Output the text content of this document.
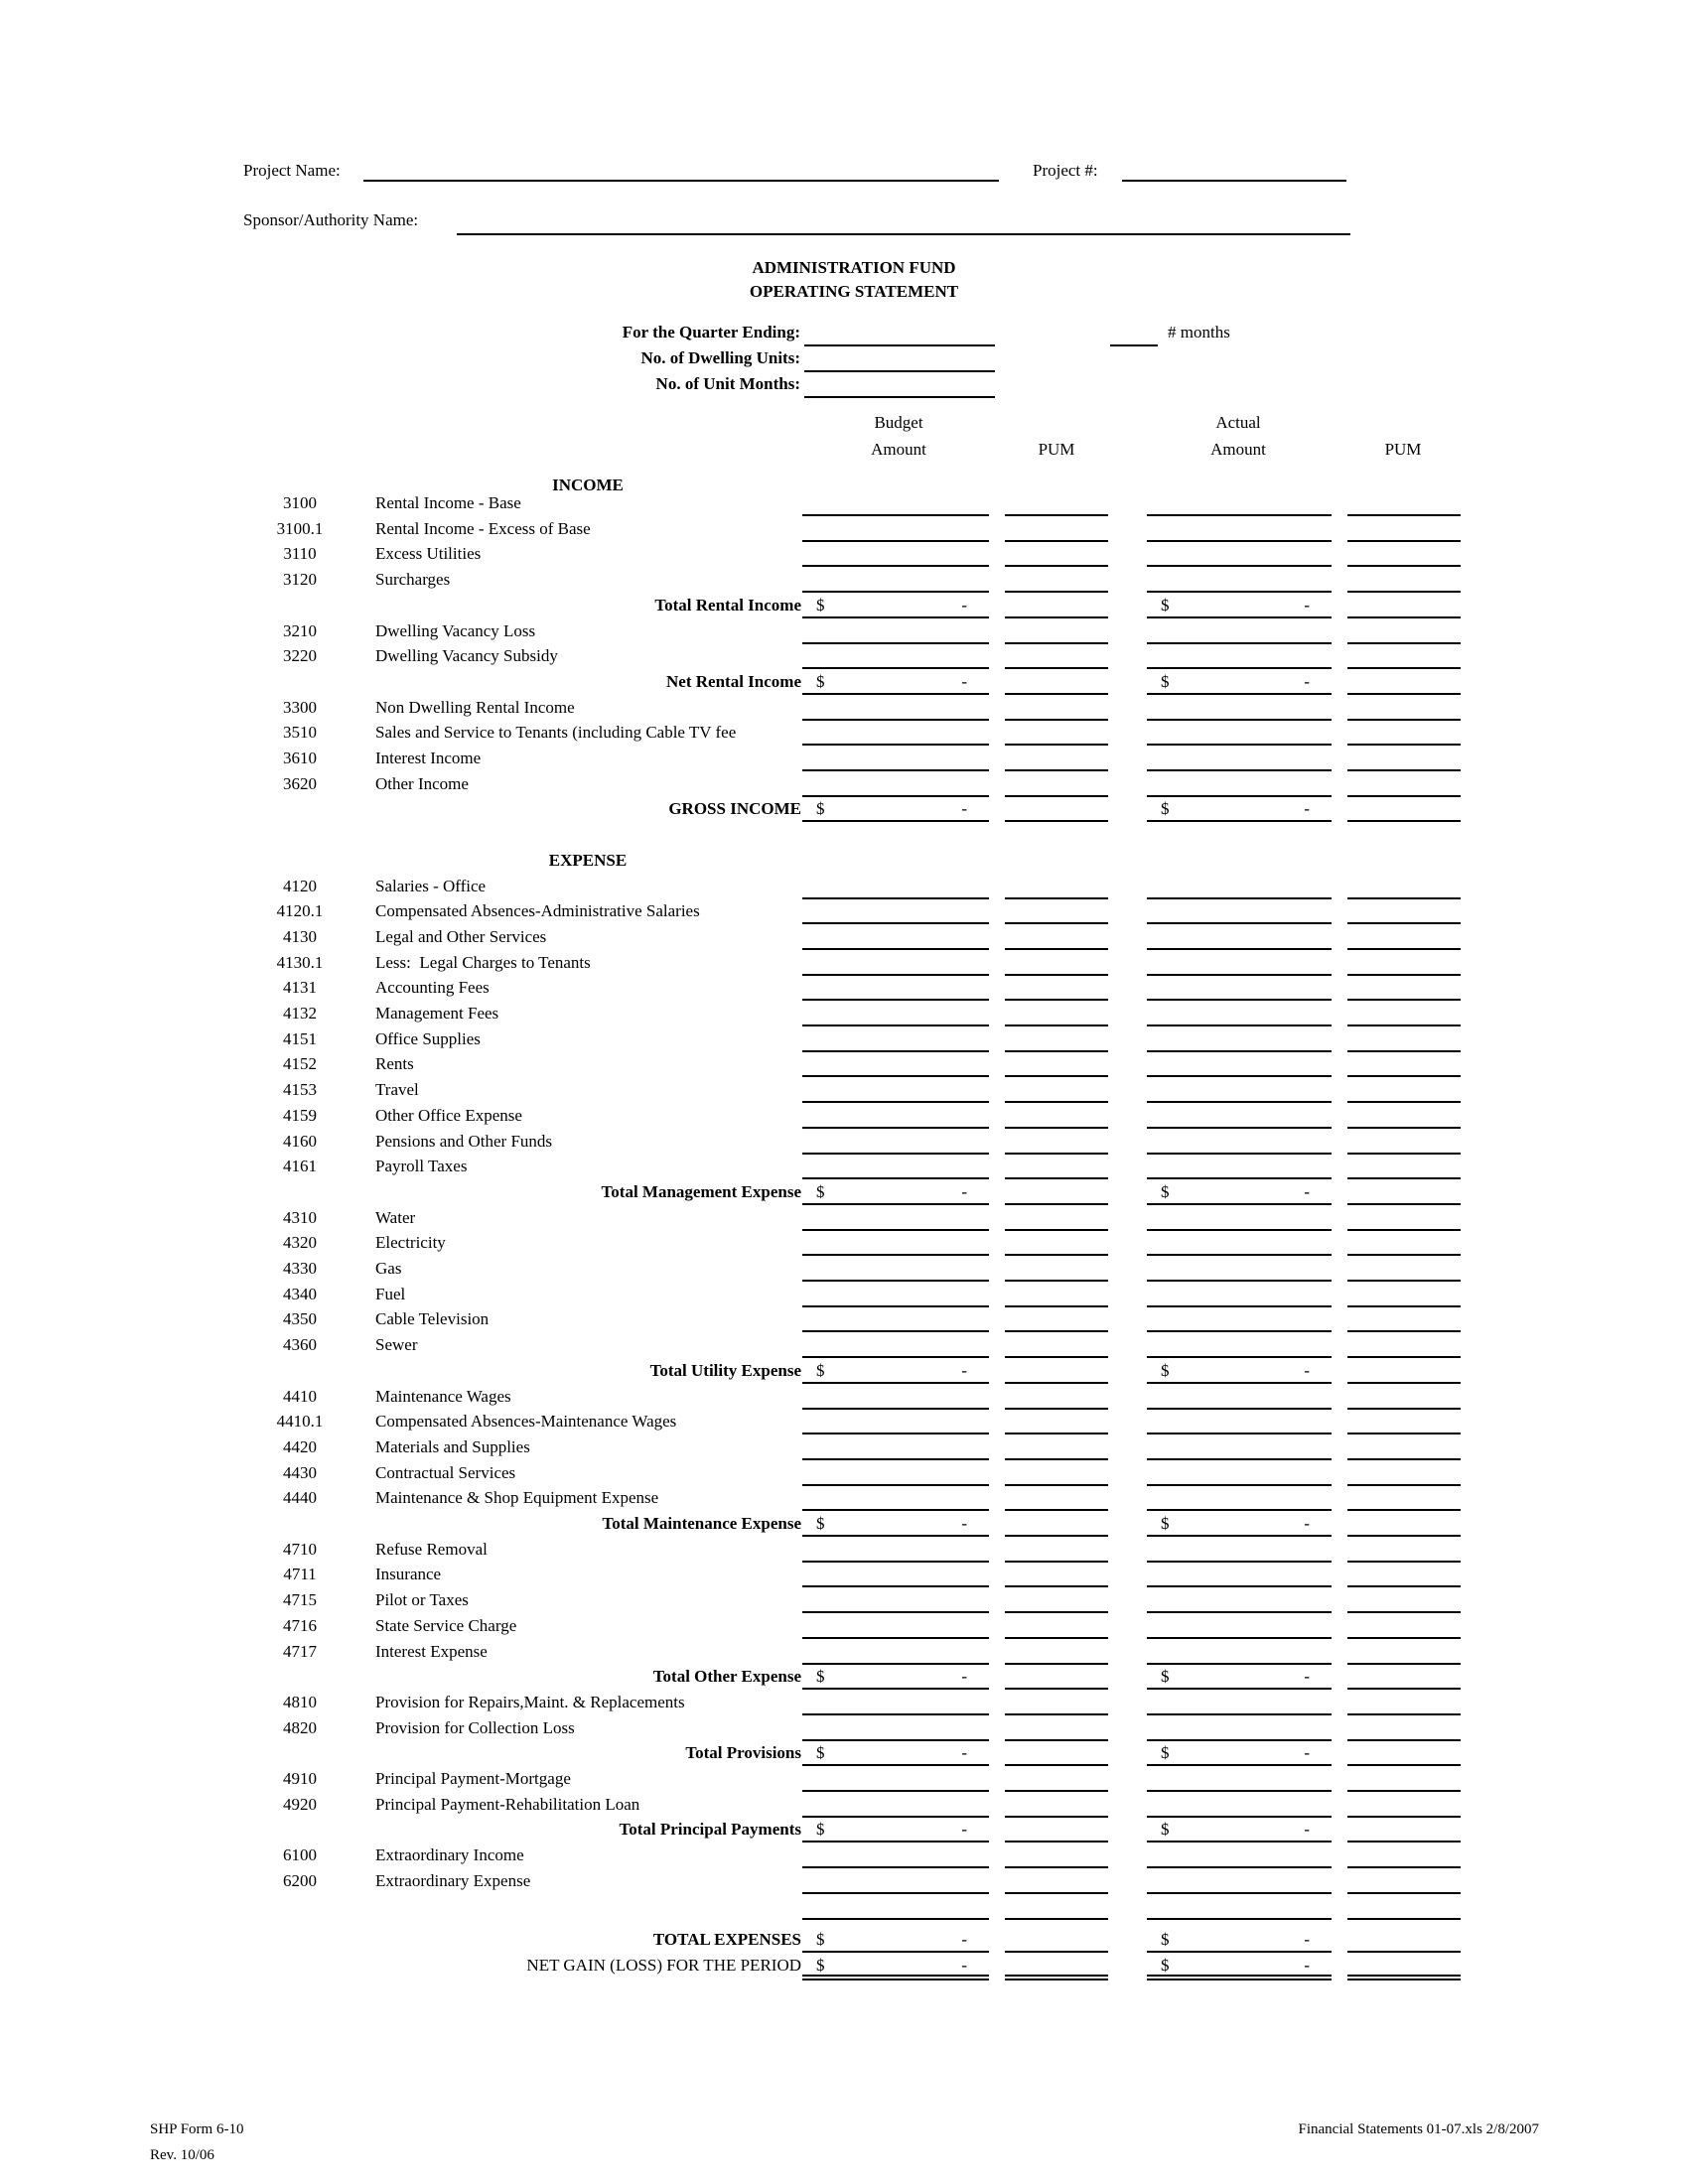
Project Name:	Project #:
Sponsor/Authority Name:
ADMINISTRATION FUND
OPERATING STATEMENT
For the Quarter Ending:	# months
No. of Dwelling Units:
No. of Unit Months:
Budget
Amount	PUM
Actual
Amount	PUM
INCOME
3100	Rental Income - Base
3100.1	Rental Income - Excess of Base
3110	Excess Utilities
3120	Surcharges
Total Rental Income $	-	$	-
3210	Dwelling Vacancy Loss
3220	Dwelling Vacancy Subsidy
Net Rental Income $	-	$	-
3300	Non Dwelling Rental Income
3510	Sales and Service to Tenants (including Cable TV fee
3610	Interest Income
3620	Other Income
GROSS INCOME $	-	$	-
EXPENSE
4120	Salaries - Office
4120.1	Compensated Absences-Administrative Salaries
4130	Legal and Other Services
4130.1	Less:  Legal Charges to Tenants
4131	Accounting Fees
4132	Management Fees
4151	Office Supplies
4152	Rents
4153	Travel
4159	Other Office Expense
4160	Pensions and Other Funds
4161	Payroll Taxes
Total Management Expense $	-	$	-
4310	Water
4320	Electricity
4330	Gas
4340	Fuel
4350	Cable Television
4360	Sewer
Total Utility Expense $	-	$	-
4410	Maintenance Wages
4410.1	Compensated Absences-Maintenance Wages
4420	Materials and Supplies
4430	Contractual Services
4440	Maintenance & Shop Equipment Expense
Total Maintenance Expense $	-	$	-
4710	Refuse Removal
4711	Insurance
4715	Pilot or Taxes
4716	State Service Charge
4717	Interest Expense
Total Other Expense $	-	$	-
4810	Provision for Repairs,Maint. & Replacements
4820	Provision for Collection Loss
Total Provisions $	-	$	-
4910	Principal Payment-Mortgage
4920	Principal Payment-Rehabilitation Loan
Total Principal Payments $	-	$	-
6100	Extraordinary Income
6200	Extraordinary Expense
TOTAL EXPENSES $	-	$	-
NET GAIN (LOSS) FOR THE PERIOD $	-	$	-
SHP Form 6-10
Rev. 10/06
Financial Statements 01-07.xls 2/8/2007
